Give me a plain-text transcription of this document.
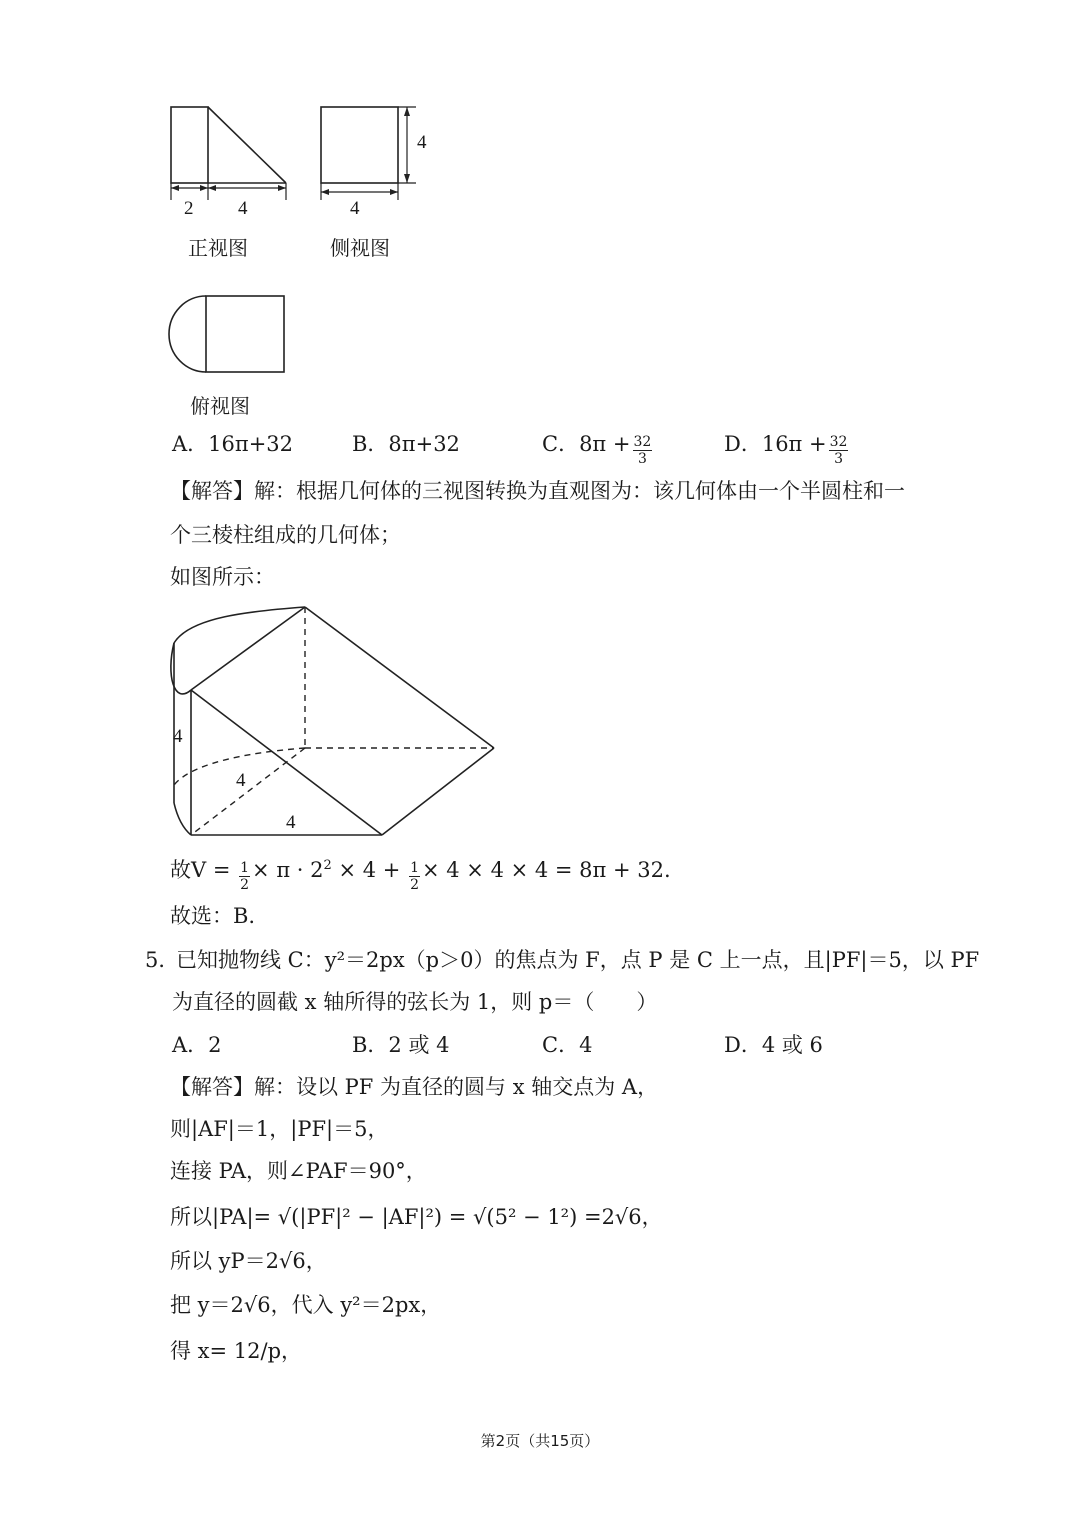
2 4
正视图
4
4
侧视图
俯视图
A．16π+32	B．8π+32	C．$8\pi + \frac{32}{3}$	D．$16\pi + \frac{32}{3}$
【解答】解：根据几何体的三视图转换为直观图为：该几何体由一个半圆柱和一
个三棱柱组成的几何体；
如图所示：
4
4
4
故$V = \frac{1}{2} \times \pi \cdot 2^2 \times 4 + \frac{1}{2} \times 4 \times 4 \times 4 = 8\pi + 32$.
故选：B.
5．
已知抛物线 C：y²＝2px（p＞0）的焦点为 F，点 P 是 C 上一点，且|PF|＝5，以 PF
为直径的圆截 x 轴所得的弦长为 1，则 p＝（　　）
A．2	B．2 或 4	C．4	D．4 或 6
【解答】解：设以 PF 为直径的圆与 x 轴交点为 A，
则|AF|＝1，|PF|＝5，
连接 PA，则∠PAF＝90°，
所以|PA|= √(|PF|² − |AF|²) = √(5² − 1²) =2√6，
所以 yP＝2√6，
把 y＝2√6，代入 y²＝2px，
得 x= 12/p，
第2页（共15页）
